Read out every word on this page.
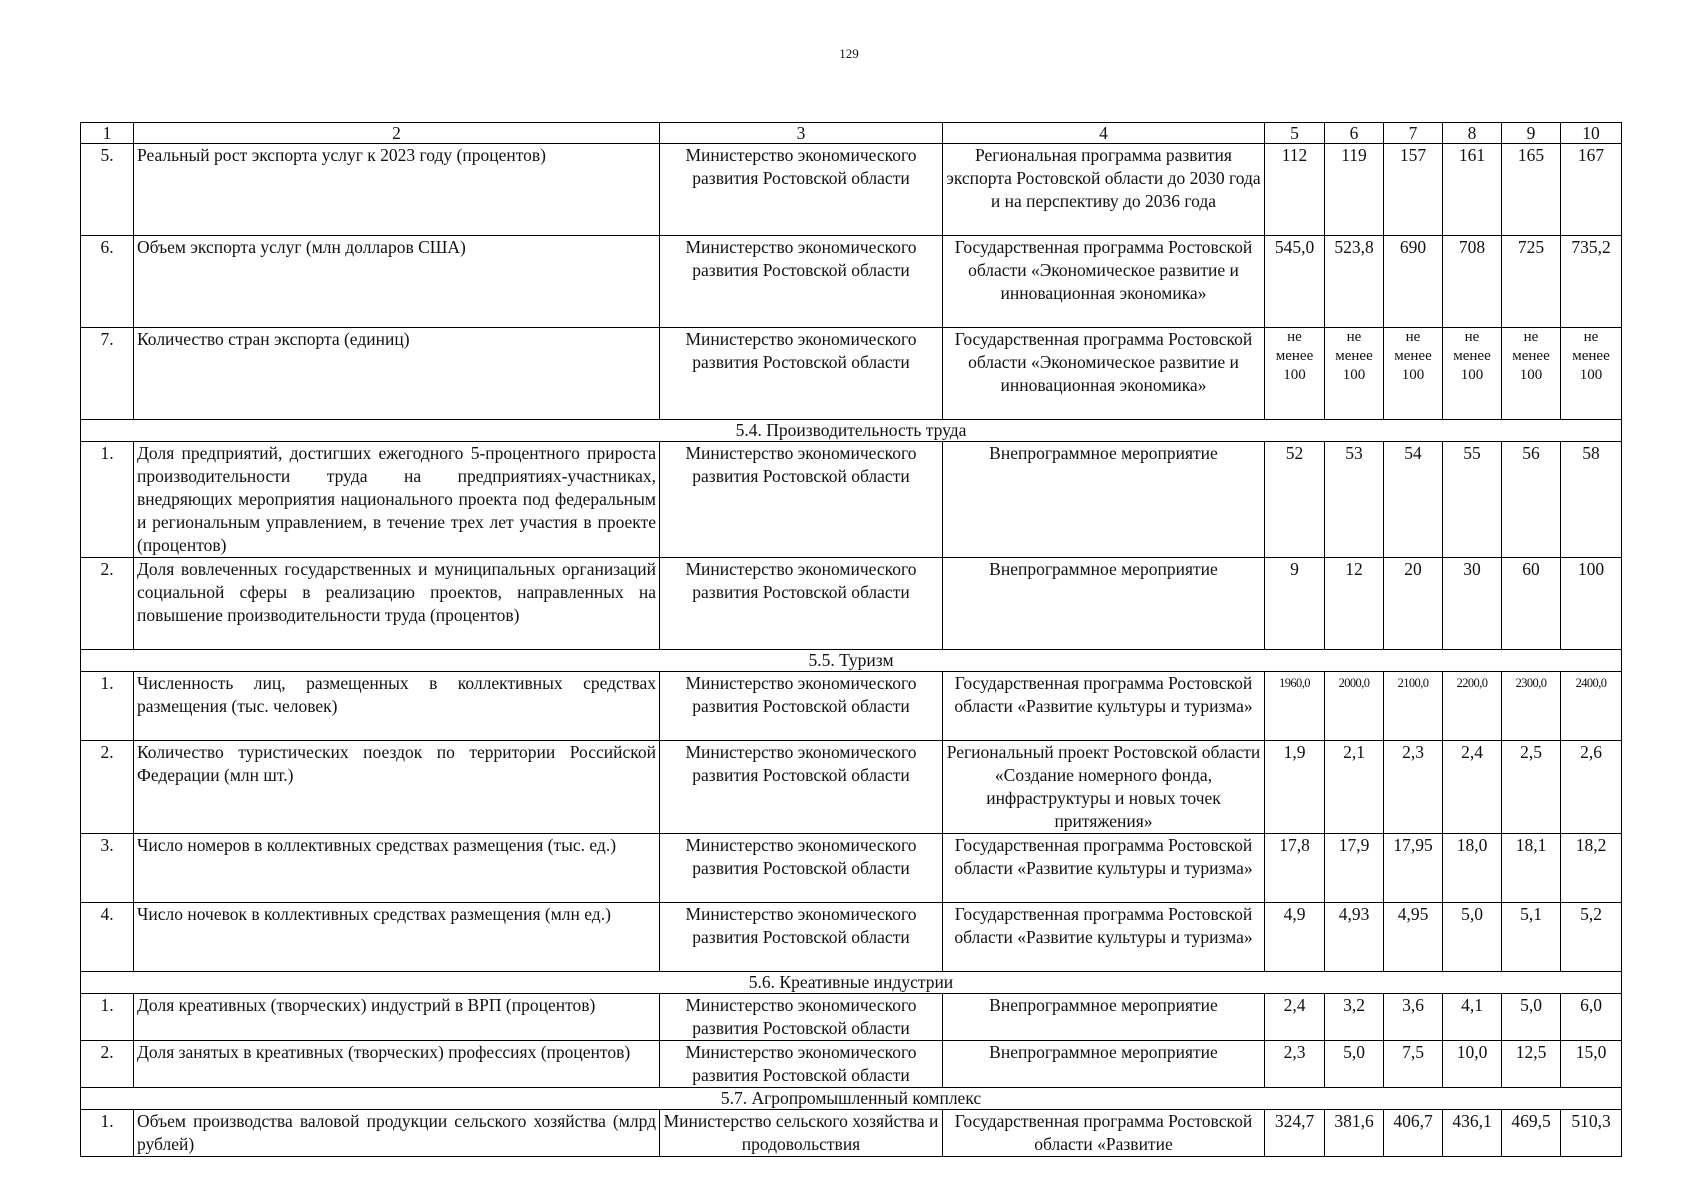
129
1	2	3	4	5	6	7	8	9	10
5.	Реальный рост экспорта услуг к 2023 году (процентов)	Министерство экономического развития Ростовской области	Региональная программа развития экспорта Ростовской области до 2030 года и на перспективу до 2036 года	112	119	157	161	165	167
6.	Объем экспорта услуг (млн долларов США)	Министерство экономического развития Ростовской области	Государственная программа Ростовской области «Экономическое развитие и инновационная экономика»	545,0	523,8	690	708	725	735,2
7.	Количество стран экспорта (единиц)	Министерство экономического развития Ростовской области	Государственная программа Ростовской области «Экономическое развитие и инновационная экономика»	не менее 100	не менее 100	не менее 100	не менее 100	не менее 100	не менее 100
5.4. Производительность труда									
1.	Доля предприятий, достигших ежегодного 5-процентного прироста производительности труда на предприятиях-участниках, внедряющих мероприятия национального проекта под федеральным и региональным управлением, в течение трех лет участия в проекте (процентов)	Министерство экономического развития Ростовской области	Внепрограммное мероприятие	52	53	54	55	56	58
2.	Доля вовлеченных государственных и муниципальных организаций социальной сферы в реализацию проектов, направленных на повышение производительности труда (процентов)	Министерство экономического развития Ростовской области	Внепрограммное мероприятие	9	12	20	30	60	100
5.5. Туризм									
1.	Численность лиц, размещенных в коллективных средствах размещения (тыс. человек)	Министерство экономического развития Ростовской области	Государственная программа Ростовской области «Развитие культуры и туризма»	1960,0	2000,0	2100,0	2200,0	2300,0	2400,0
2.	Количество туристических поездок по территории Российской Федерации (млн шт.)	Министерство экономического развития Ростовской области	Региональный проект Ростовской области «Создание номерного фонда, инфраструктуры и новых точек притяжения»	1,9	2,1	2,3	2,4	2,5	2,6
3.	Число номеров в коллективных средствах размещения (тыс. ед.)	Министерство экономического развития Ростовской области	Государственная программа Ростовской области «Развитие культуры и туризма»	17,8	17,9	17,95	18,0	18,1	18,2
4.	Число ночевок в коллективных средствах размещения (млн ед.)	Министерство экономического развития Ростовской области	Государственная программа Ростовской области «Развитие культуры и туризма»	4,9	4,93	4,95	5,0	5,1	5,2
5.6. Креативные индустрии									
1.	Доля креативных (творческих) индустрий в ВРП (процентов)	Министерство экономического развития Ростовской области	Внепрограммное мероприятие	2,4	3,2	3,6	4,1	5,0	6,0
2.	Доля занятых в креативных (творческих) профессиях (процентов)	Министерство экономического развития Ростовской области	Внепрограммное мероприятие	2,3	5,0	7,5	10,0	12,5	15,0
5.7. Агропромышленный комплекс									
1.	Объем производства валовой продукции сельского хозяйства (млрд рублей)	Министерство сельского хозяйства и продовольствия	Государственная программа Ростовской области «Развитие	324,7	381,6	406,7	436,1	469,5	510,3
